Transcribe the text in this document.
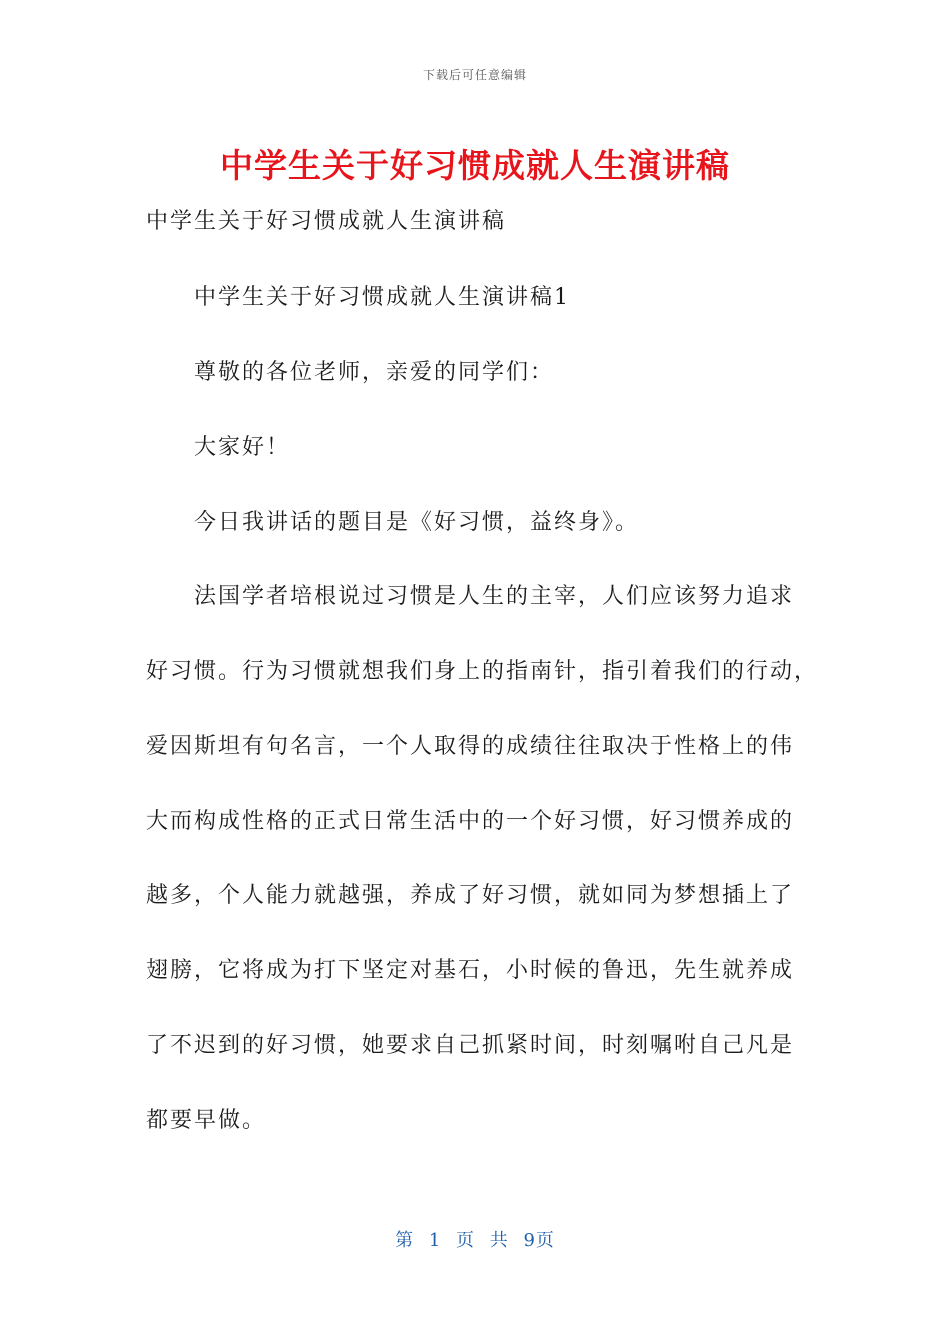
下载后可任意编辑
中学生关于好习惯成就人生演讲稿
中学生关于好习惯成就人生演讲稿
中学生关于好习惯成就人生演讲稿1
尊敬的各位老师，亲爱的同学们：
大家好！
今日我讲话的题目是《好习惯，益终身》。
法国学者培根说过习惯是人生的主宰，人们应该努力追求
好习惯。行为习惯就想我们身上的指南针，指引着我们的行动，
爱因斯坦有句名言，一个人取得的成绩往往取决于性格上的伟
大而构成性格的正式日常生活中的一个好习惯，好习惯养成的
越多，个人能力就越强，养成了好习惯，就如同为梦想插上了
翅膀，它将成为打下坚定对基石，小时候的鲁迅，先生就养成
了不迟到的好习惯，她要求自己抓紧时间，时刻嘱咐自己凡是
都要早做。
第 1 页 共 9页
